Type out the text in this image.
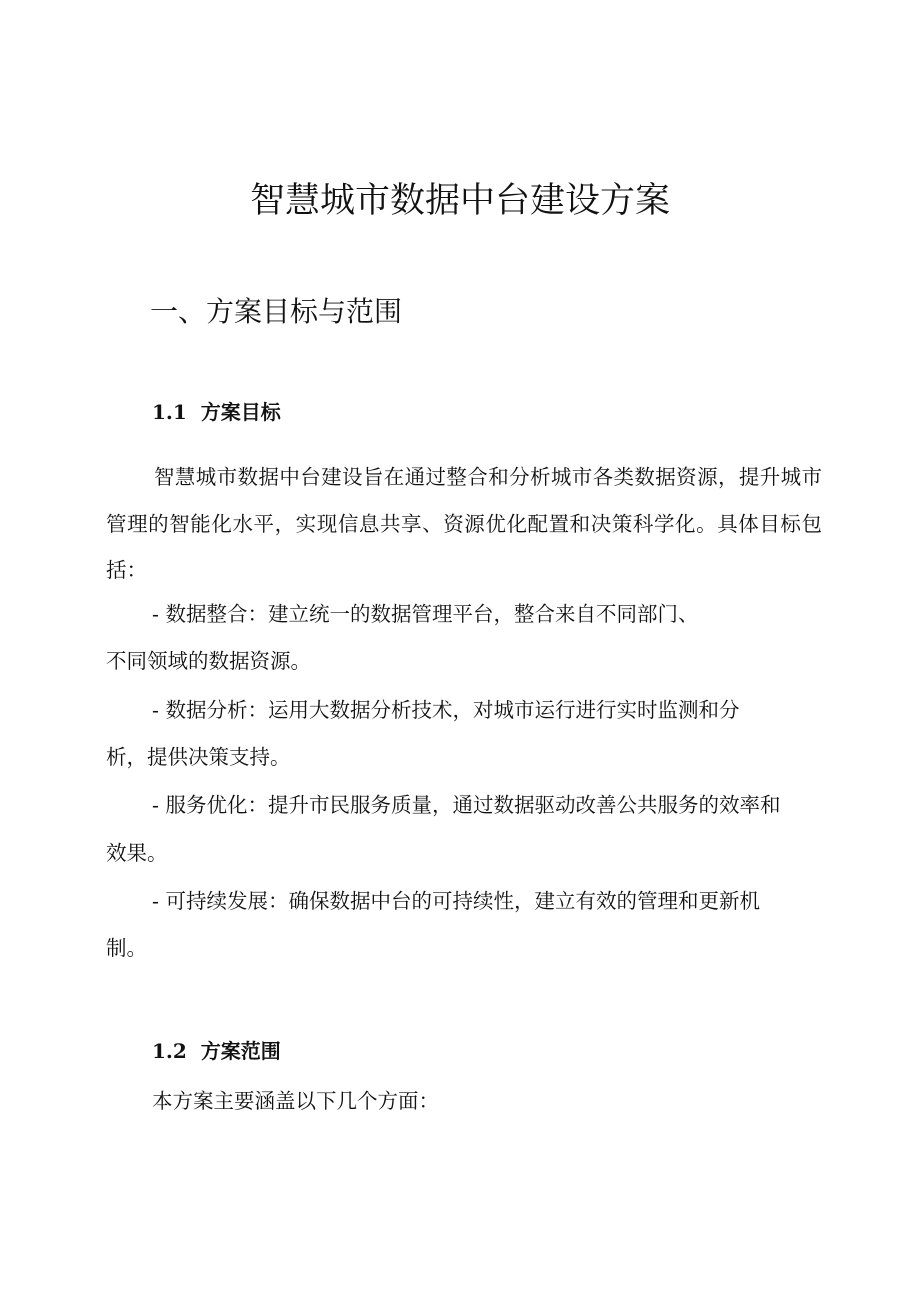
智慧城市数据中台建设方案
一、方案目标与范围
1.1 方案目标

智慧城市数据中台建设旨在通过整合和分析城市各类数据资源，提升城市管理的智能化水平，实现信息共享、资源优化配置和决策科学化。具体目标包括：

- 数据整合：建立统一的数据管理平台，整合来自不同部门、

不同领域的数据资源。

- 数据分析：运用大数据分析技术，对城市运行进行实时监测和分

析，提供决策支持。

- 服务优化：提升市民服务质量，通过数据驱动改善公共服务的效率和

效果。

- 可持续发展：确保数据中台的可持续性，建立有效的管理和更新机

制。

1.2 方案范围

本方案主要涵盖以下几个方面：
